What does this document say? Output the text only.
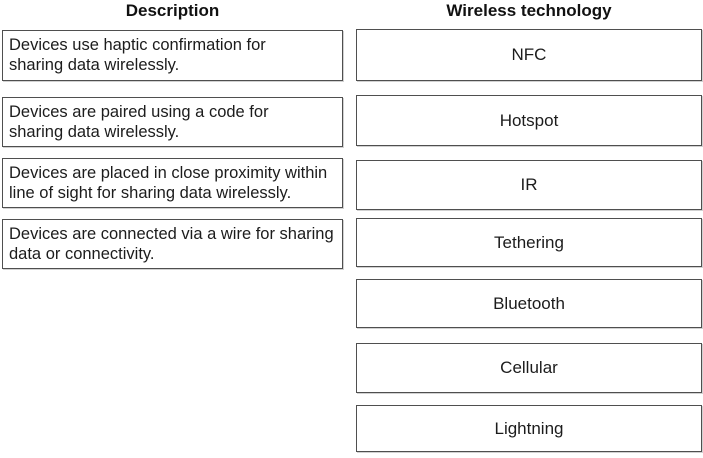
Description	Wireless technology
Devices use haptic confirmation for
sharing data wirelessly.
Devices are paired using a code for
sharing data wirelessly.
Devices are placed in close proximity within
line of sight for sharing data wirelessly.
Devices are connected via a wire for sharing
data or connectivity.
NFC
Hotspot
IR
Tethering
Bluetooth
Cellular
Lightning
